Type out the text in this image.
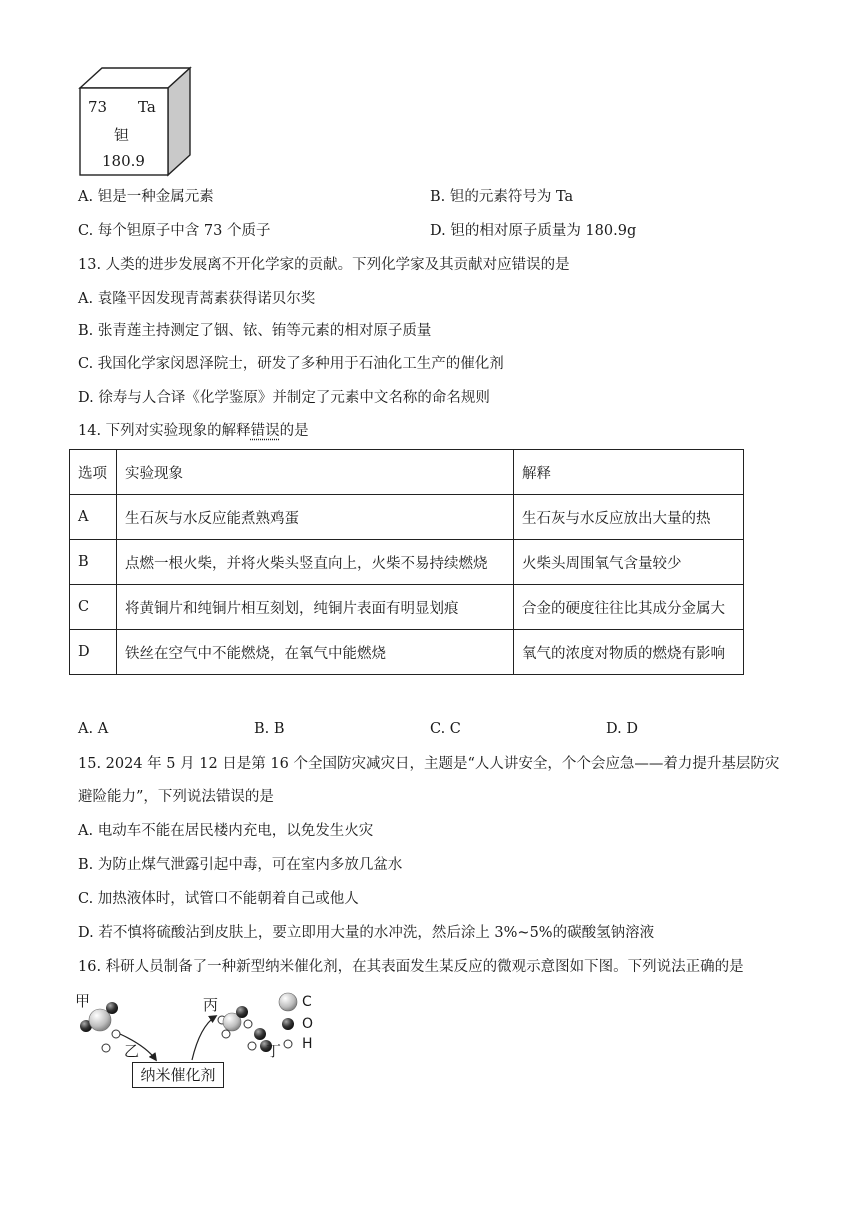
73 Ta
钽
180.9
A. 钽是一种金属元素	B. 钽的元素符号为 Ta
C. 每个钽原子中含 73 个质子	D. 钽的相对原子质量为 180.9g
13. 人类的进步发展离不开化学家的贡献。下列化学家及其贡献对应错误的是
A. 袁隆平因发现青蒿素获得诺贝尔奖
B. 张青莲主持测定了铟、铱、铕等元素的相对原子质量
C. 我国化学家闵恩泽院士，研发了多种用于石油化工生产的催化剂
D. 徐寿与人合译《化学鉴原》并制定了元素中文名称的命名规则
14. 下列对实验现象的解释错误的是
选项	实验现象	解释
A	生石灰与水反应能煮熟鸡蛋	生石灰与水反应放出大量的热
B	点燃一根火柴，并将火柴头竖直向上，火柴不易持续燃烧	火柴头周围氧气含量较少
C	将黄铜片和纯铜片相互刻划，纯铜片表面有明显划痕	合金的硬度往往比其成分金属大
D	铁丝在空气中不能燃烧，在氧气中能燃烧	氧气的浓度对物质的燃烧有影响
A. A	B. B	C. C	D. D
15. 2024 年 5 月 12 日是第 16 个全国防灾减灾日，主题是“人人讲安全，个个会应急——着力提升基层防灾
避险能力”，下列说法错误的是
A. 电动车不能在居民楼内充电，以免发生火灾
B. 为防止煤气泄露引起中毒，可在室内多放几盆水
C. 加热液体时，试管口不能朝着自己或他人
D. 若不慎将硫酸沾到皮肤上，要立即用大量的水冲洗，然后涂上 3%~5%的碳酸氢钠溶液
16. 科研人员制备了一种新型纳米催化剂，在其表面发生某反应的微观示意图如下图。下列说法正确的是
甲
乙
丙
丁
C
O
H
纳米催化剂
